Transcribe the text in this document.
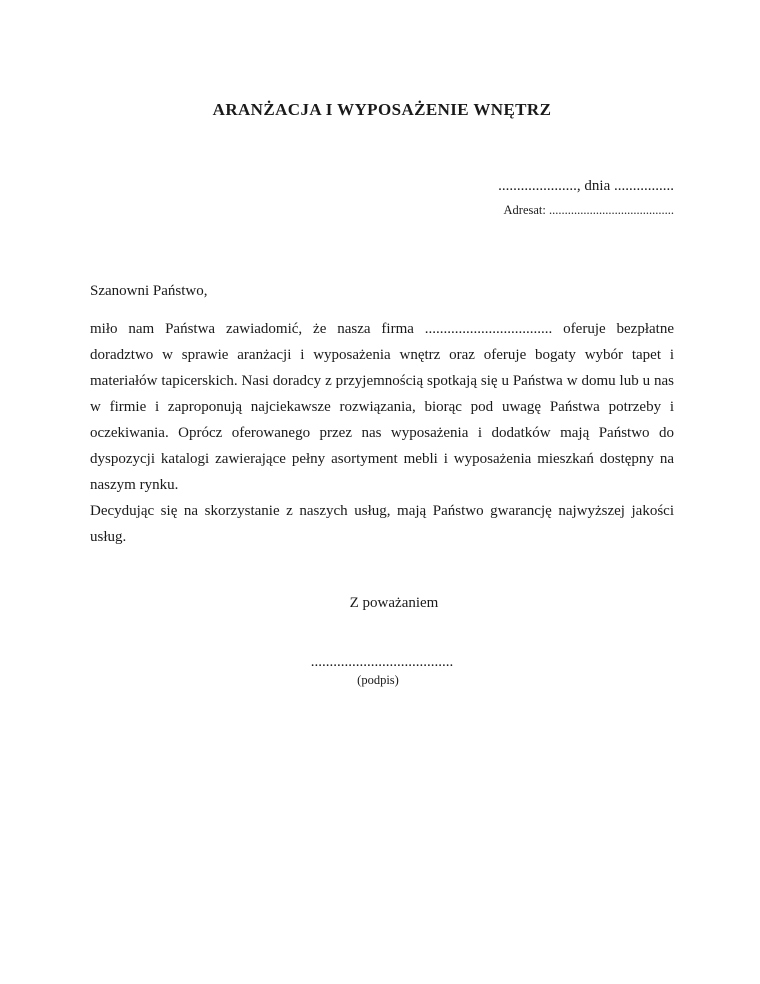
ARANŻACJA I WYPOSAŻENIE WNĘTRZ

....................., dnia ................

Adresat: ........................................

Szanowni Państwo,

miło nam Państwa zawiadomić, że nasza firma .................................. oferuje bezpłatne doradztwo w sprawie aranżacji i wyposażenia wnętrz oraz oferuje bogaty wybór tapet i materiałów tapicerskich. Nasi doradcy z przyjemnością spotkają się u Państwa w domu lub u nas w firmie i zaproponują najciekawsze rozwiązania, biorąc pod uwagę Państwa potrzeby i oczekiwania. Oprócz oferowanego przez nas wyposażenia i dodatków mają Państwo do dyspozycji katalogi zawierające pełny asortyment mebli i wyposażenia mieszkań dostępny na naszym rynku.

Decydując się na skorzystanie z naszych usług, mają Państwo gwarancję najwyższej jakości usług.

Z poważaniem

......................................

(podpis)
